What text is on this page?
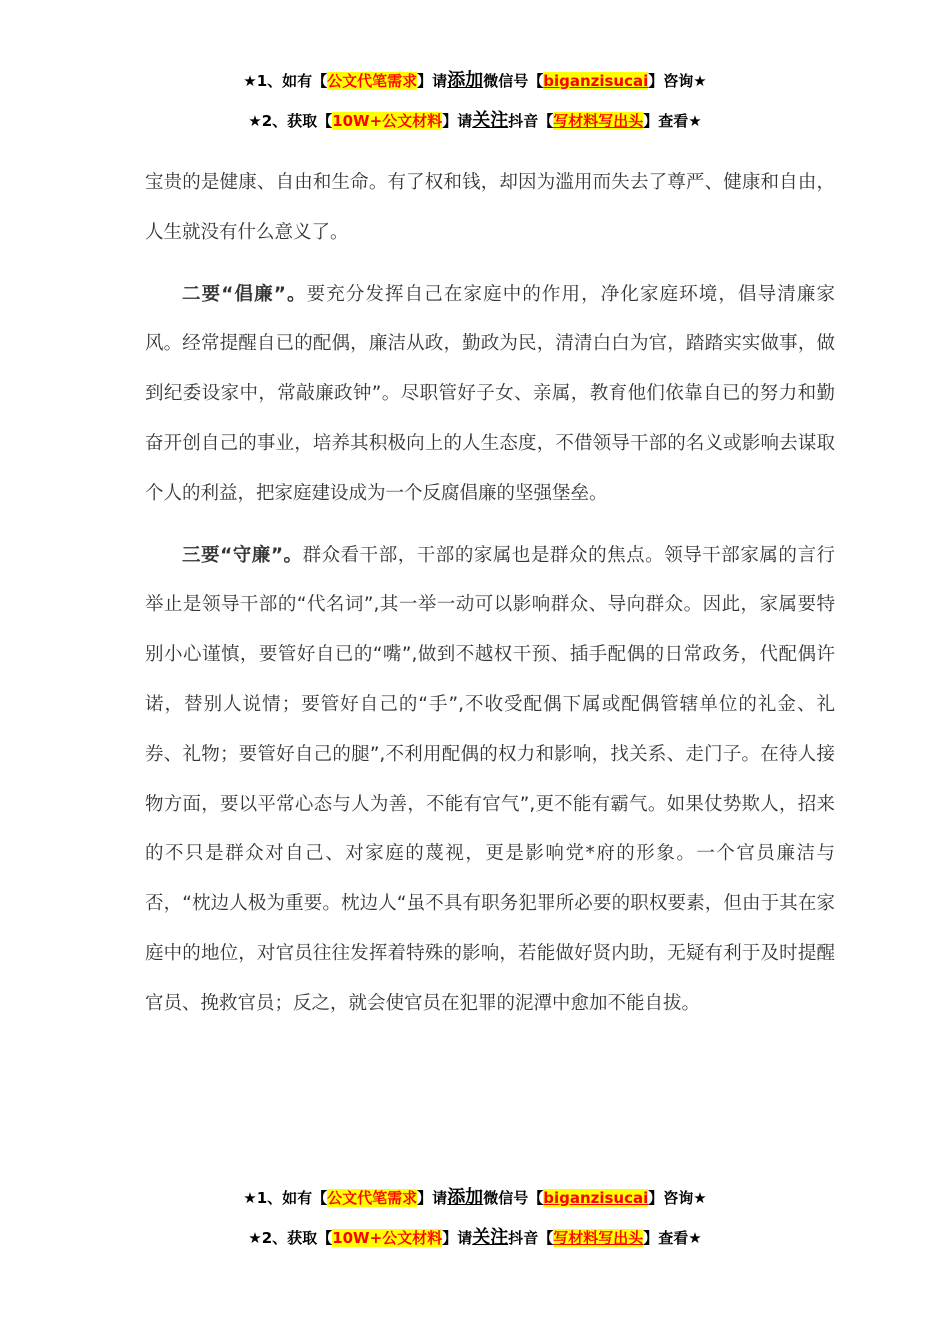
★1、如有【公文代笔需求】请添加微信号【biganzisucai】咨询★
★2、获取【10W+公文材料】请关注抖音【写材料写出头】查看★

宝贵的是健康、自由和生命。有了权和钱，却因为滥用而失去了尊严、健康和自由，人生就没有什么意义了。

二要“倡廉”。要充分发挥自己在家庭中的作用，净化家庭环境，倡导清廉家风。经常提醒自已的配偶，廉洁从政，勤政为民，清清白白为官，踏踏实实做事，做到纪委设家中，常敲廉政钟”。尽职管好子女、亲属，教育他们依靠自已的努力和勤奋开创自己的事业，培养其积极向上的人生态度，不借领导干部的名义或影响去谋取个人的利益，把家庭建设成为一个反腐倡廉的坚强堡垒。

三要“守廉”。群众看干部，干部的家属也是群众的焦点。领导干部家属的言行举止是领导干部的“代名词”,其一举一动可以影响群众、导向群众。因此，家属要特别小心谨慎，要管好自已的“嘴”,做到不越权干预、插手配偶的日常政务，代配偶许诺，替别人说情；要管好自己的“手”,不收受配偶下属或配偶管辖单位的礼金、礼券、礼物；要管好自己的腿”,不利用配偶的权力和影响，找关系、走门子。在待人接物方面，要以平常心态与人为善，不能有官气”,更不能有霸气。如果仗势欺人，招来的不只是群众对自己、对家庭的蔑视，更是影响党*府的形象。一个官员廉洁与否，“枕边人极为重要。枕边人“虽不具有职务犯罪所必要的职权要素，但由于其在家庭中的地位，对官员往往发挥着特殊的影响，若能做好贤内助，无疑有利于及时提醒官员、挽救官员；反之，就会使官员在犯罪的泥潭中愈加不能自拔。

★1、如有【公文代笔需求】请添加微信号【biganzisucai】咨询★
★2、获取【10W+公文材料】请关注抖音【写材料写出头】查看★
